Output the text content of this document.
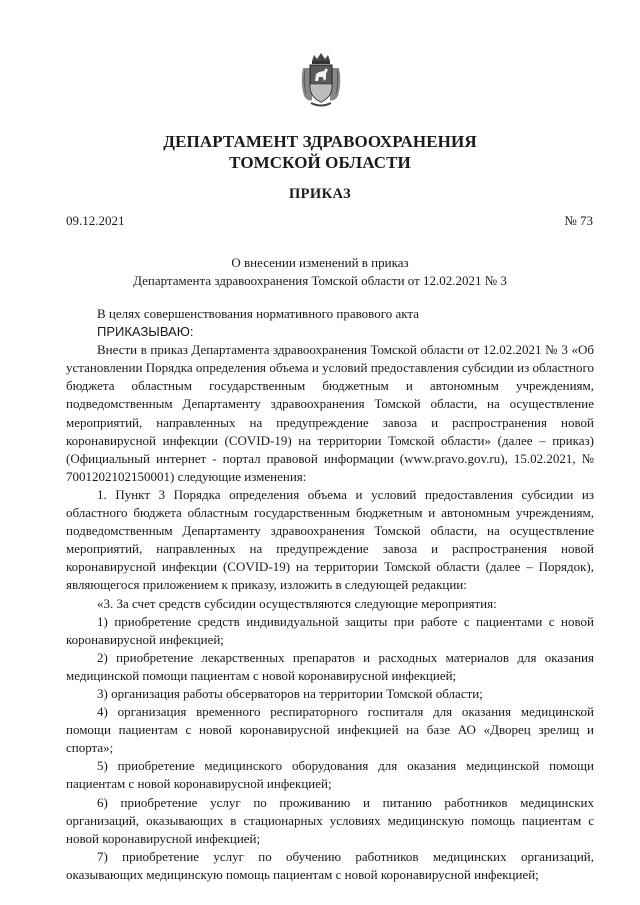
ДЕПАРТАМЕНТ ЗДРАВООХРАНЕНИЯ
ТОМСКОЙ ОБЛАСТИ
ПРИКАЗ
09.12.2021	№ 73
О внесении изменений в приказ
Департамента здравоохранения Томской области от 12.02.2021 № 3

В целях совершенствования нормативного правового акта

ПРИКАЗЫВАЮ:

Внести в приказ Департамента здравоохранения Томской области от 12.02.2021 № 3 «Об установлении Порядка определения объема и условий предоставления субсидии из областного бюджета областным государственным бюджетным и автономным учреждениям, подведомственным Департаменту здравоохранения Томской области, на осуществление мероприятий, направленных на предупреждение завоза и распространения новой коронавирусной инфекции (COVID-19) на территории Томской области» (далее – приказ) (Официальный интернет - портал правовой информации (www.pravo.gov.ru), 15.02.2021, № 7001202102150001) следующие изменения:

1. Пункт 3 Порядка определения объема и условий предоставления субсидии из областного бюджета областным государственным бюджетным и автономным учреждениям, подведомственным Департаменту здравоохранения Томской области, на осуществление мероприятий, направленных на предупреждение завоза и распространения новой коронавирусной инфекции (COVID-19) на территории Томской области (далее – Порядок), являющегося приложением к приказу, изложить в следующей редакции:

«3. За счет средств субсидии осуществляются следующие мероприятия:

1) приобретение средств индивидуальной защиты при работе с пациентами с новой коронавирусной инфекцией;

2) приобретение лекарственных препаратов и расходных материалов для оказания медицинской помощи пациентам с новой коронавирусной инфекцией;

3) организация работы обсерваторов на территории Томской области;

4) организация временного респираторного госпиталя для оказания медицинской помощи пациентам с новой коронавирусной инфекцией на базе АО «Дворец зрелищ и спорта»;

5) приобретение медицинского оборудования для оказания медицинской помощи пациентам с новой коронавирусной инфекцией;

6) приобретение услуг по проживанию и питанию работников медицинских организаций, оказывающих в стационарных условиях медицинскую помощь пациентам с новой коронавирусной инфекцией;

7) приобретение услуг по обучению работников медицинских организаций, оказывающих медицинскую помощь пациентам с новой коронавирусной инфекцией;
